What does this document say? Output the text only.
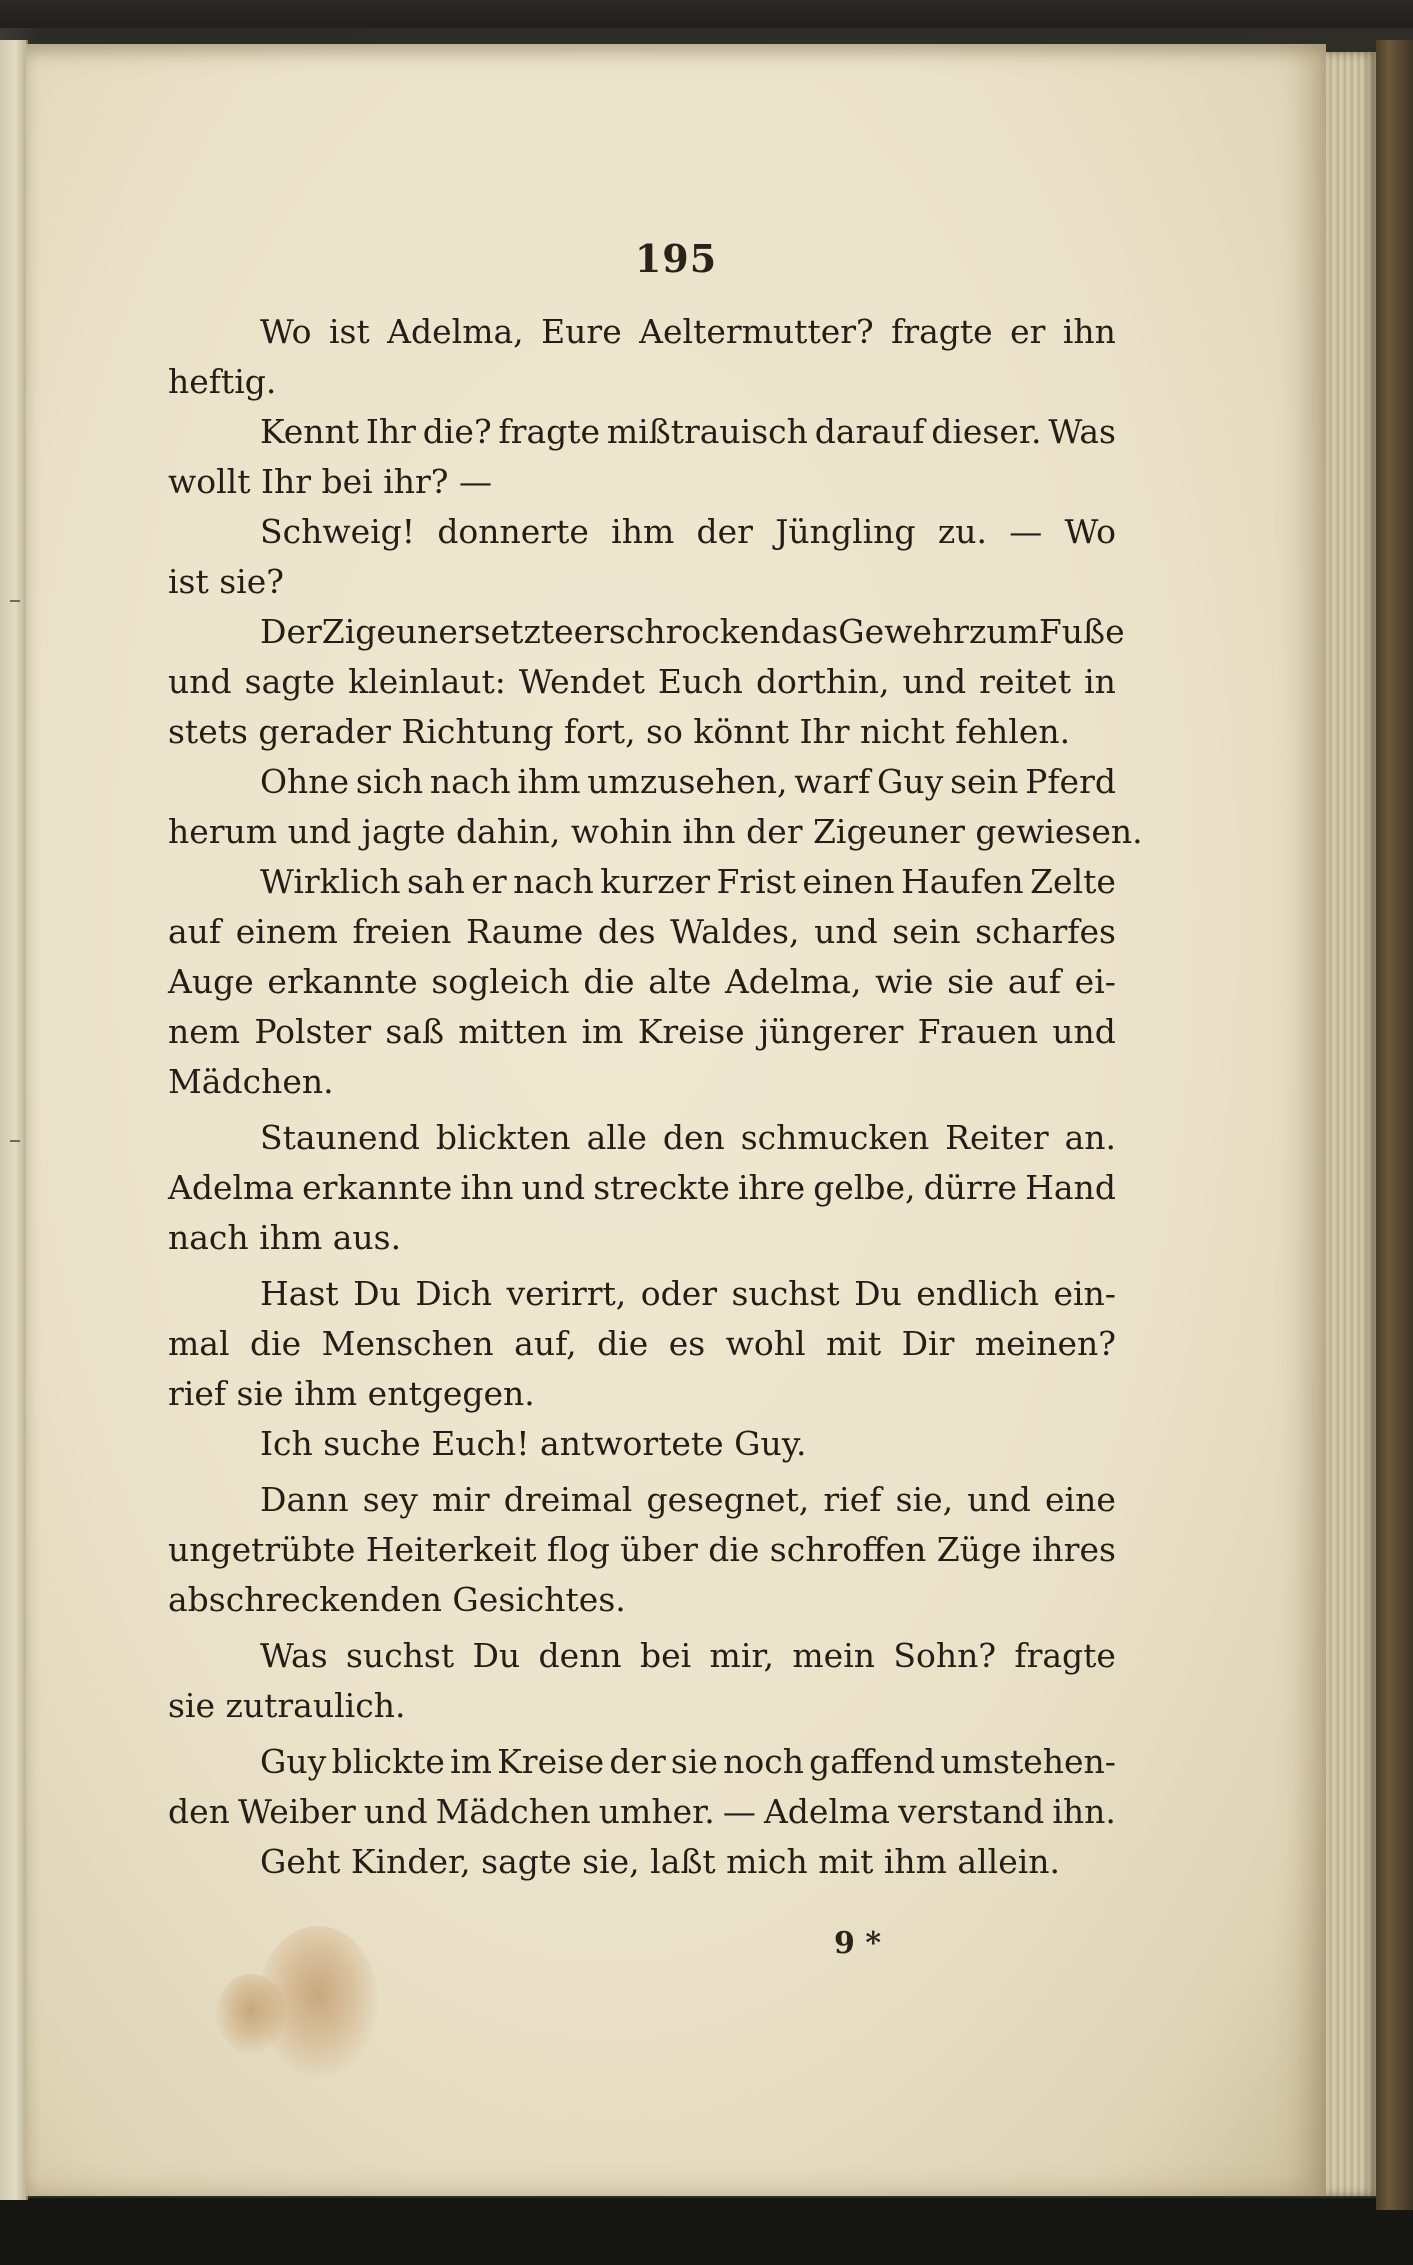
195
Wo ist Adelma, Eure Aeltermutter? fragte er ihn
heftig.
Kennt Ihr die? fragte mißtrauisch darauf dieser. Was
wollt Ihr bei ihr? —
Schweig! donnerte ihm der Jüngling zu. — Wo
ist sie?
Der Zigeuner setzte erschrocken das Gewehr zum Fuße
und sagte kleinlaut: Wendet Euch dorthin, und reitet in
stets gerader Richtung fort, so könnt Ihr nicht fehlen.
Ohne sich nach ihm umzusehen, warf Guy sein Pferd
herum und jagte dahin, wohin ihn der Zigeuner gewiesen.
Wirklich sah er nach kurzer Frist einen Haufen Zelte
auf einem freien Raume des Waldes, und sein scharfes
Auge erkannte sogleich die alte Adelma, wie sie auf ei-
nem Polster saß mitten im Kreise jüngerer Frauen und
Mädchen.
Staunend blickten alle den schmucken Reiter an.
Adelma erkannte ihn und streckte ihre gelbe, dürre Hand
nach ihm aus.
Hast Du Dich verirrt, oder suchst Du endlich ein-
mal die Menschen auf, die es wohl mit Dir meinen?
rief sie ihm entgegen.
Ich suche Euch! antwortete Guy.
Dann sey mir dreimal gesegnet, rief sie, und eine
ungetrübte Heiterkeit flog über die schroffen Züge ihres
abschreckenden Gesichtes.
Was suchst Du denn bei mir, mein Sohn? fragte
sie zutraulich.
Guy blickte im Kreise der sie noch gaffend umstehen-
den Weiber und Mädchen umher. — Adelma verstand ihn.
Geht Kinder, sagte sie, laßt mich mit ihm allein.
9 *
